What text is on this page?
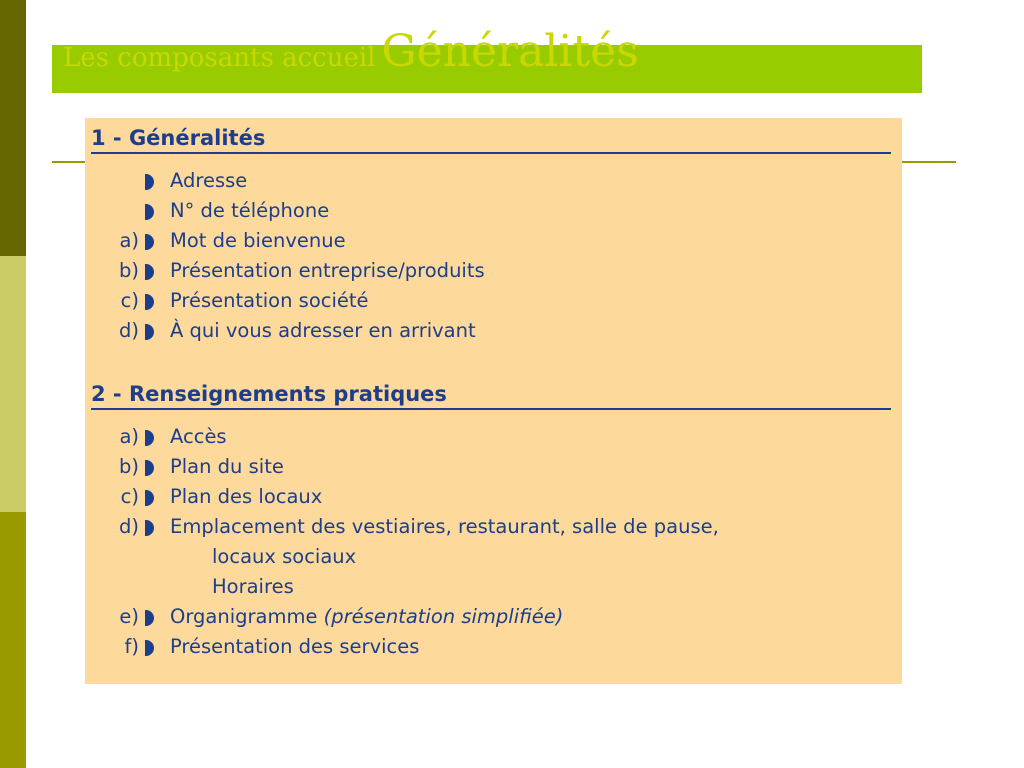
Les composants accueil Généralités
1 - Généralités
Adresse
N° de téléphone
a) Mot de bienvenue
b) Présentation entreprise/produits
c) Présentation société
d) À qui vous adresser en arrivant
2 - Renseignements pratiques
a) Accès
b) Plan du site
c) Plan des locaux
d) Emplacement des vestiaires, restaurant, salle de pause,
locaux sociaux
Horaires
e) Organigramme (présentation simplifiée)
f) Présentation des services
